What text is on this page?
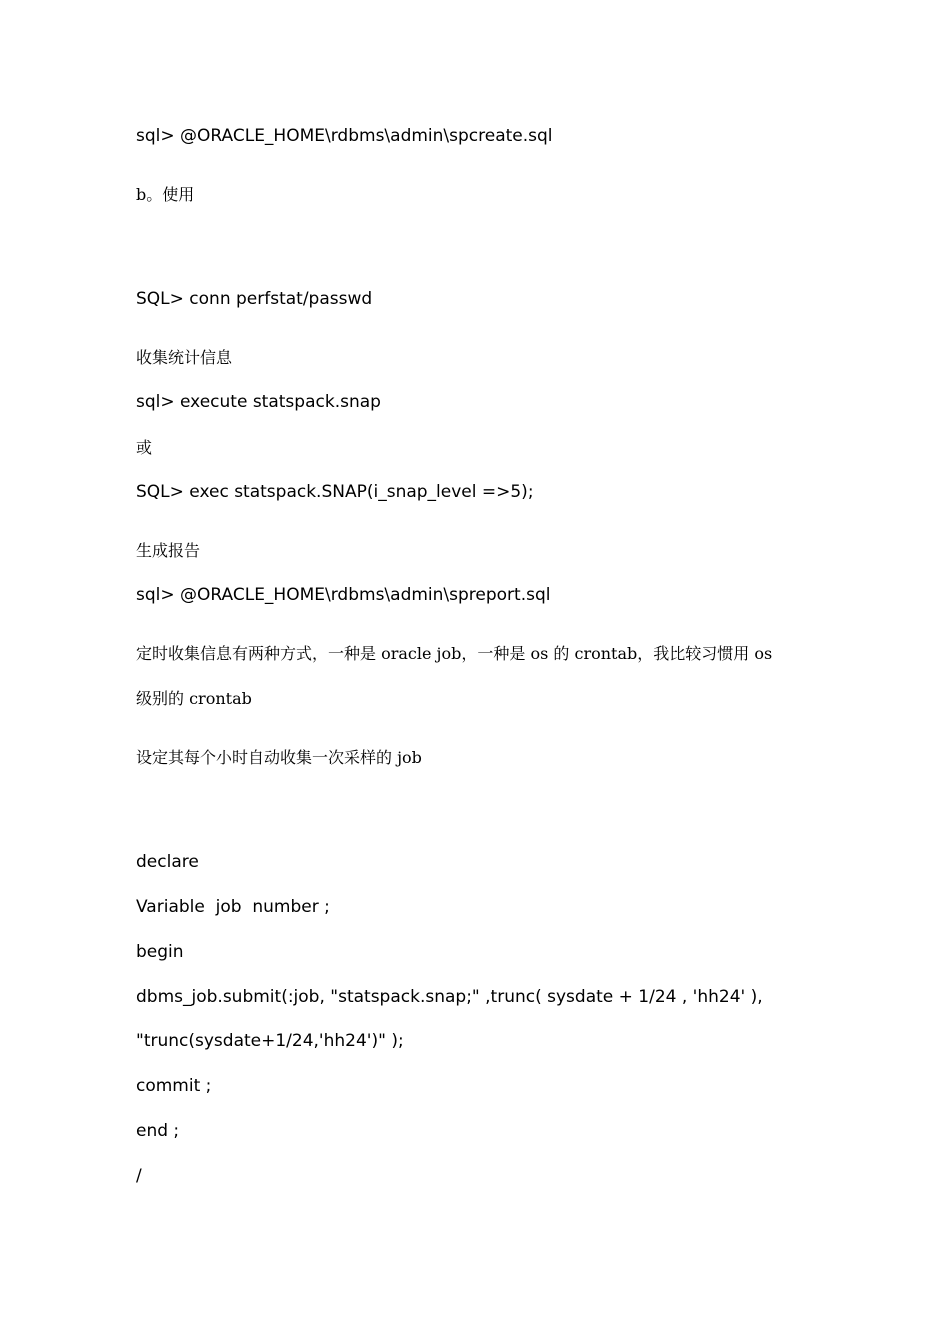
sql> @ORACLE_HOME\rdbms\admin\spcreate.sql
b。使用
SQL> conn perfstat/passwd
收集统计信息
sql> execute statspack.snap
或
SQL> exec statspack.SNAP(i_snap_level =>5);
生成报告
sql> @ORACLE_HOME\rdbms\admin\spreport.sql
定时收集信息有两种方式，一种是 oracle job，一种是 os 的 crontab，我比较习惯用 os
级别的 crontab
设定其每个小时自动收集一次采样的 job
declare
Variable  job  number ;
begin
dbms_job.submit(:job, "statspack.snap;" ,trunc( sysdate + 1/24 , 'hh24' ),
"trunc(sysdate+1/24,'hh24')" );
commit ;
end ;
/
